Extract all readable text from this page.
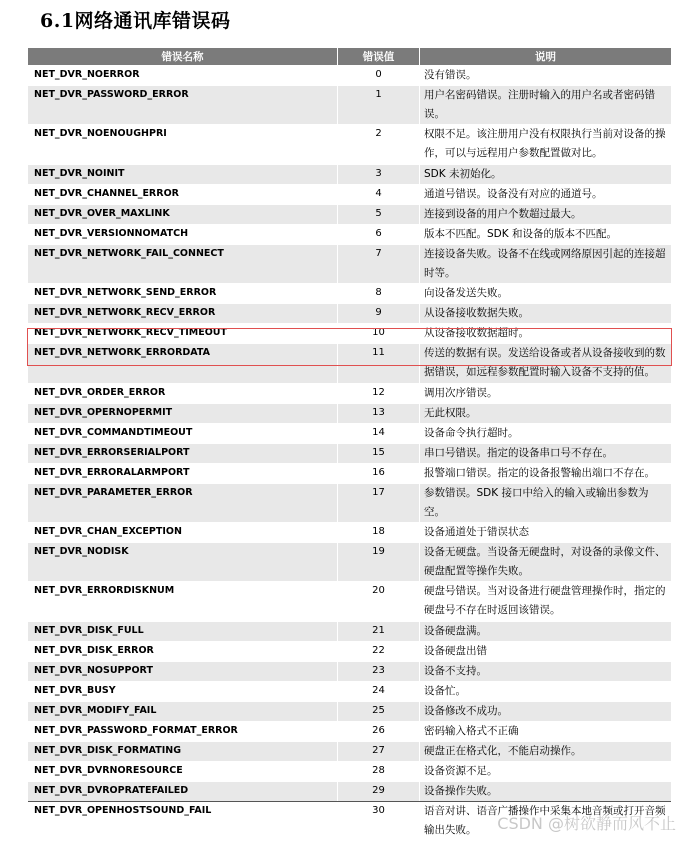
6.1网络通讯库错误码
错误名称	错误值	说明
NET_DVR_NOERROR	0	没有错误。
NET_DVR_PASSWORD_ERROR	1	用户名密码错误。注册时输入的用户名或者密码错误。
NET_DVR_NOENOUGHPRI	2	权限不足。该注册用户没有权限执行当前对设备的操作，可以与远程用户参数配置做对比。
NET_DVR_NOINIT	3	SDK 未初始化。
NET_DVR_CHANNEL_ERROR	4	通道号错误。设备没有对应的通道号。
NET_DVR_OVER_MAXLINK	5	连接到设备的用户个数超过最大。
NET_DVR_VERSIONNOMATCH	6	版本不匹配。SDK 和设备的版本不匹配。
NET_DVR_NETWORK_FAIL_CONNECT	7	连接设备失败。设备不在线或网络原因引起的连接超时等。
NET_DVR_NETWORK_SEND_ERROR	8	向设备发送失败。
NET_DVR_NETWORK_RECV_ERROR	9	从设备接收数据失败。
NET_DVR_NETWORK_RECV_TIMEOUT	10	从设备接收数据超时。
NET_DVR_NETWORK_ERRORDATA	11	传送的数据有误。发送给设备或者从设备接收到的数据错误，如远程参数配置时输入设备不支持的值。
NET_DVR_ORDER_ERROR	12	调用次序错误。
NET_DVR_OPERNOPERMIT	13	无此权限。
NET_DVR_COMMANDTIMEOUT	14	设备命令执行超时。
NET_DVR_ERRORSERIALPORT	15	串口号错误。指定的设备串口号不存在。
NET_DVR_ERRORALARMPORT	16	报警端口错误。指定的设备报警输出端口不存在。
NET_DVR_PARAMETER_ERROR	17	参数错误。SDK 接口中给入的输入或输出参数为空。
NET_DVR_CHAN_EXCEPTION	18	设备通道处于错误状态
NET_DVR_NODISK	19	设备无硬盘。当设备无硬盘时，对设备的录像文件、硬盘配置等操作失败。
NET_DVR_ERRORDISKNUM	20	硬盘号错误。当对设备进行硬盘管理操作时，指定的硬盘号不存在时返回该错误。
NET_DVR_DISK_FULL	21	设备硬盘满。
NET_DVR_DISK_ERROR	22	设备硬盘出错
NET_DVR_NOSUPPORT	23	设备不支持。
NET_DVR_BUSY	24	设备忙。
NET_DVR_MODIFY_FAIL	25	设备修改不成功。
NET_DVR_PASSWORD_FORMAT_ERROR	26	密码输入格式不正确
NET_DVR_DISK_FORMATING	27	硬盘正在格式化，不能启动操作。
NET_DVR_DVRNORESOURCE	28	设备资源不足。
NET_DVR_DVROPRATEFAILED	29	设备操作失败。
NET_DVR_OPENHOSTSOUND_FAIL	30	语音对讲、语音广播操作中采集本地音频或打开音频输出失败。 CSDN @树欲静而风不止
